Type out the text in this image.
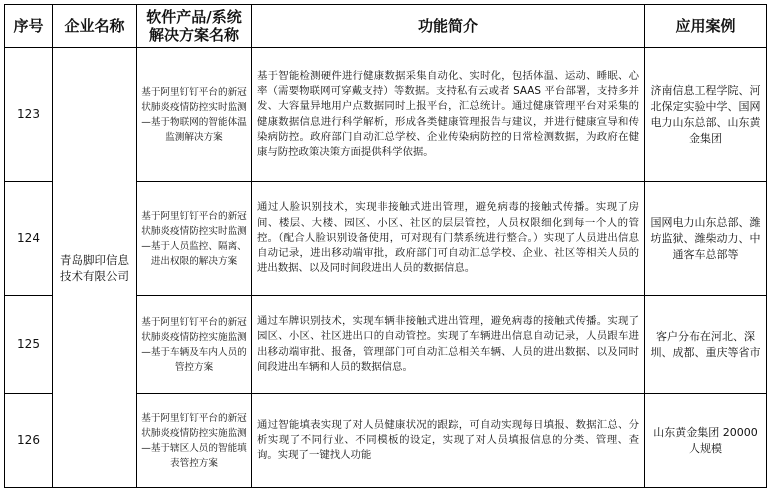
序号	企业名称	软件产品/系统解决方案名称	功能简介	应用案例
123	青岛脚印信息技术有限公司	基于阿里钉钉平台的新冠状肺炎疫情防控实时监测—基于物联网的智能体温监测解决方案	基于智能检测硬件进行健康数据采集自动化、实时化，包括体温、运动、睡眠、心率（需要物联网可穿戴支持）等数据。支持私有云或者 SAAS 平台部署，支持多并发、大容量异地用户点数据同时上报平台，汇总统计。通过健康管理平台对采集的健康数据信息进行科学解析，形成各类健康管理报告与建议，并进行健康宣导和传染病防控。政府部门自动汇总学校、企业传染病防控的日常检测数据，为政府在健康与防控政策决策方面提供科学依据。	济南信息工程学院、河北保定实验中学、国网电力山东总部、山东黄金集团
124		基于阿里钉钉平台的新冠状肺炎疫情防控实时监测—基于人员监控、隔离、进出权限的解决方案	通过人脸识别技术，实现非接触式进出管理，避免病毒的接触式传播。实现了房间、楼层、大楼、园区、小区、社区的层层管控，人员权限细化到每一个人的管控。（配合人脸识别设备使用，可对现有门禁系统进行整合。）实现了人员进出信息自动记录，进出移动端审批，政府部门可自动汇总学校、企业、社区等相关人员的进出数据、以及同时间段进出人员的数据信息。	国网电力山东总部、潍坊监狱、潍柴动力、中通客车总部等
125		基于阿里钉钉平台的新冠状肺炎疫情防控实施监测—基于车辆及车内人员的管控方案	通过车牌识别技术，实现车辆非接触式进出管理，避免病毒的接触式传播。实现了园区、小区、社区进出口的自动管控。实现了车辆进出信息自动记录，人员跟车进出移动端审批、报备，管理部门可自动汇总相关车辆、人员的进出数据、以及同时间段进出车辆和人员的数据信息。	客户分布在河北、深圳、成都、重庆等省市
126		基于阿里钉钉平台的新冠状肺炎疫情防控实施监测—基于辖区人员的智能填表管控方案	通过智能填表实现了对人员健康状况的跟踪，可自动实现每日填报、数据汇总、分析实现了不同行业、不同模板的设定，实现了对人员填报信息的分类、管理、查询。实现了一键找人功能	山东黄金集团 20000 人规模
